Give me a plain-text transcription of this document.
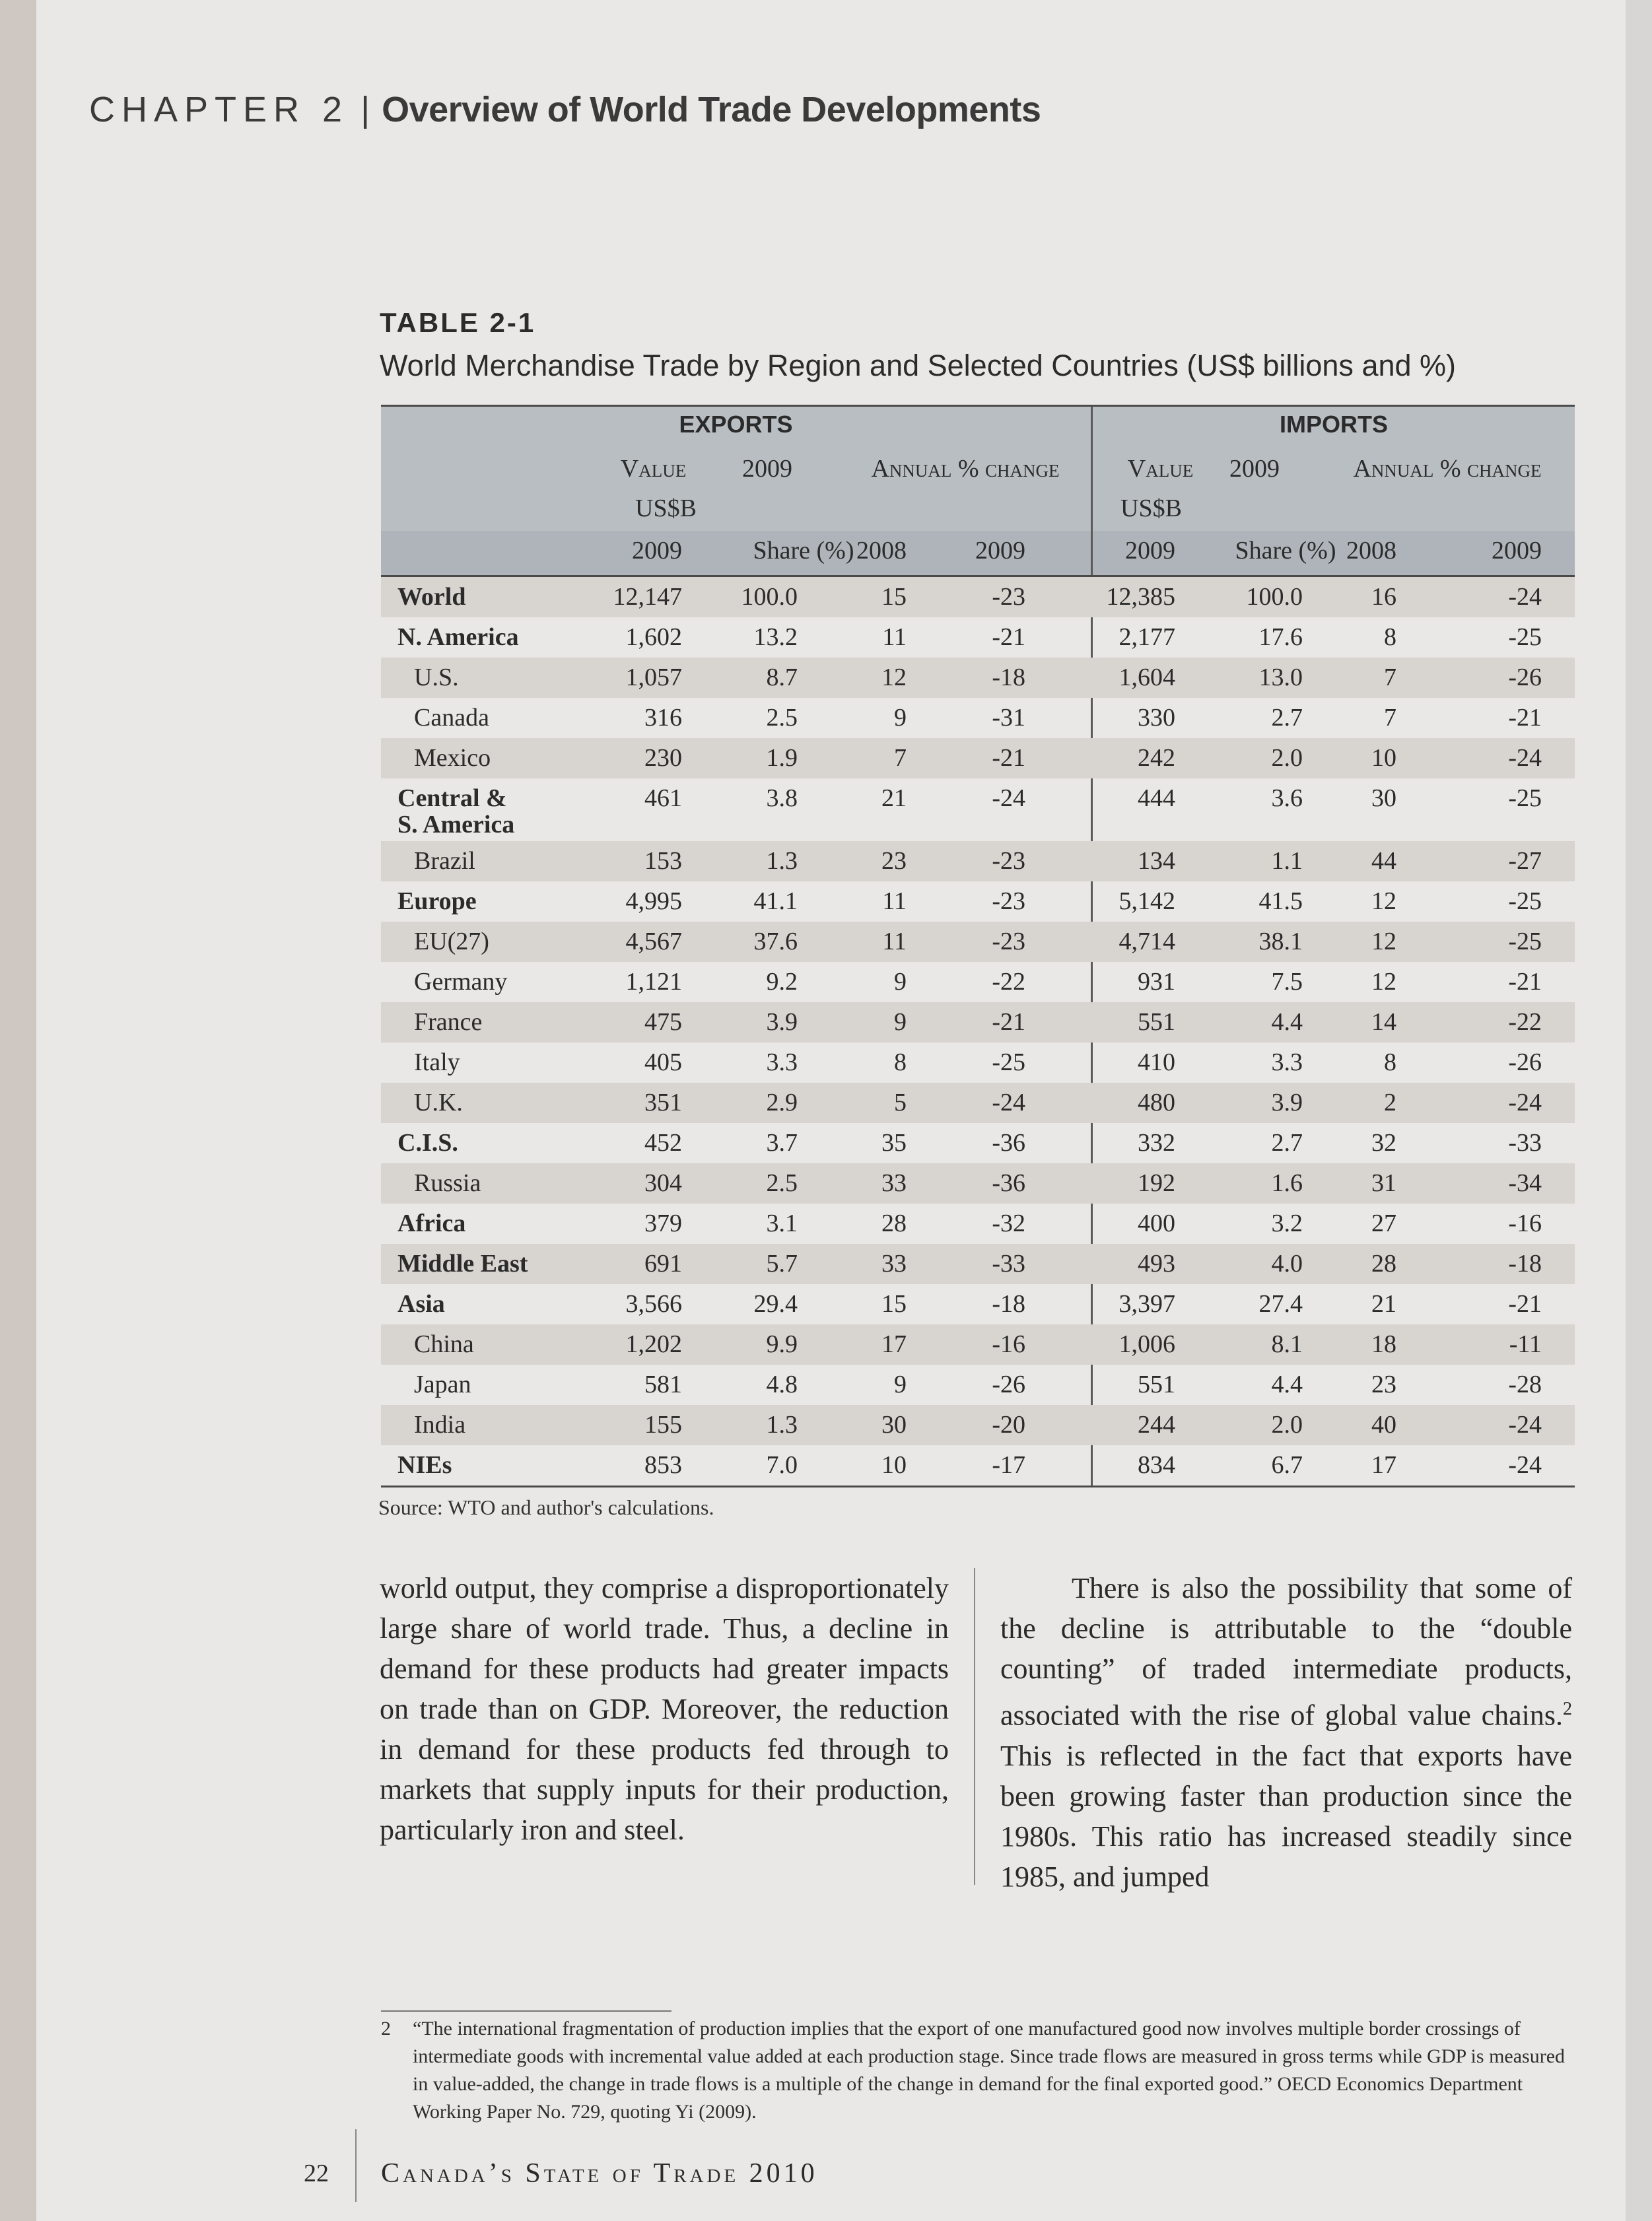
CHAPTER 2 | Overview of World Trade Developments
TABLE 2-1
World Merchandise Trade by Region and Selected Countries (US$ billions and %)
EXPORTS	IMPORTS
Value	2009	Annual % change	Value	2009	Annual % change
US$B	US$B
2009	Share (%) 2008	2009	2009	Share (%) 2008	2009
World	12,147 100.0	15	-23	12,385	100.0	16	-24
N. America	1,602	13.2	11	-21	2,177	17.6	8	-25
U.S.	1,057	8.7	12	-18	1,604	13.0	7	-26
Canada	316	2.5	9	-31	330	2.7	7	-21
Mexico	230	1.9	7	-21	242	2.0	10	-24
Central &
S. America
461	3.8	21	-24	444	3.6	30	-25
Brazil	153	1.3	23	-23	134	1.1	44	-27
Europe	4,995	41.1	11	-23	5,142	41.5	12	-25
EU(27)	4,567	37.6	11	-23	4,714	38.1	12	-25
Germany	1,121	9.2	9	-22	931	7.5	12	-21
France	475	3.9	9	-21	551	4.4	14	-22
Italy	405	3.3	8	-25	410	3.3	8	-26
U.K.	351	2.9	5	-24	480	3.9	2	-24
C.I.S.	452	3.7	35	-36	332	2.7	32	-33
Russia	304	2.5	33	-36	192	1.6	31	-34
Africa	379	3.1	28	-32	400	3.2	27	-16
Middle East	691	5.7	33	-33	493	4.0	28	-18
Asia	3,566	29.4	15	-18	3,397	27.4	21	-21
China	1,202	9.9	17	-16	1,006	8.1	18	-11
Japan	581	4.8	9	-26	551	4.4	23	-28
India	155	1.3	30	-20	244	2.0	40	-24
NIEs	853	7.0	10	-17	834	6.7	17	-24
Source: WTO and author's calculations.
world output, they comprise a disproportionately large share of world trade. Thus, a decline in demand for these products had greater impacts on trade than on GDP. Moreover, the reduction in demand for these products fed through to markets that supply inputs for their production, particularly iron and steel.
There is also the possibility that some of the decline is attributable to the “double counting” of traded intermediate products, associated with the rise of global value chains.$^2$ This is reflected in the fact that exports have been growing faster than production since the 1980s. This ratio has increased steadily since 1985, and jumped
2 “The international fragmentation of production implies that the export of one manufactured good now involves multiple border crossings of intermediate goods with incremental value added at each production stage. Since trade flows are measured in gross terms while GDP is measured in value-added, the change in trade flows is a multiple of the change in demand for the final exported good.” OECD Economics Department Working Paper No. 729, quoting Yi (2009).
22 Canada’s State of Trade 2010
